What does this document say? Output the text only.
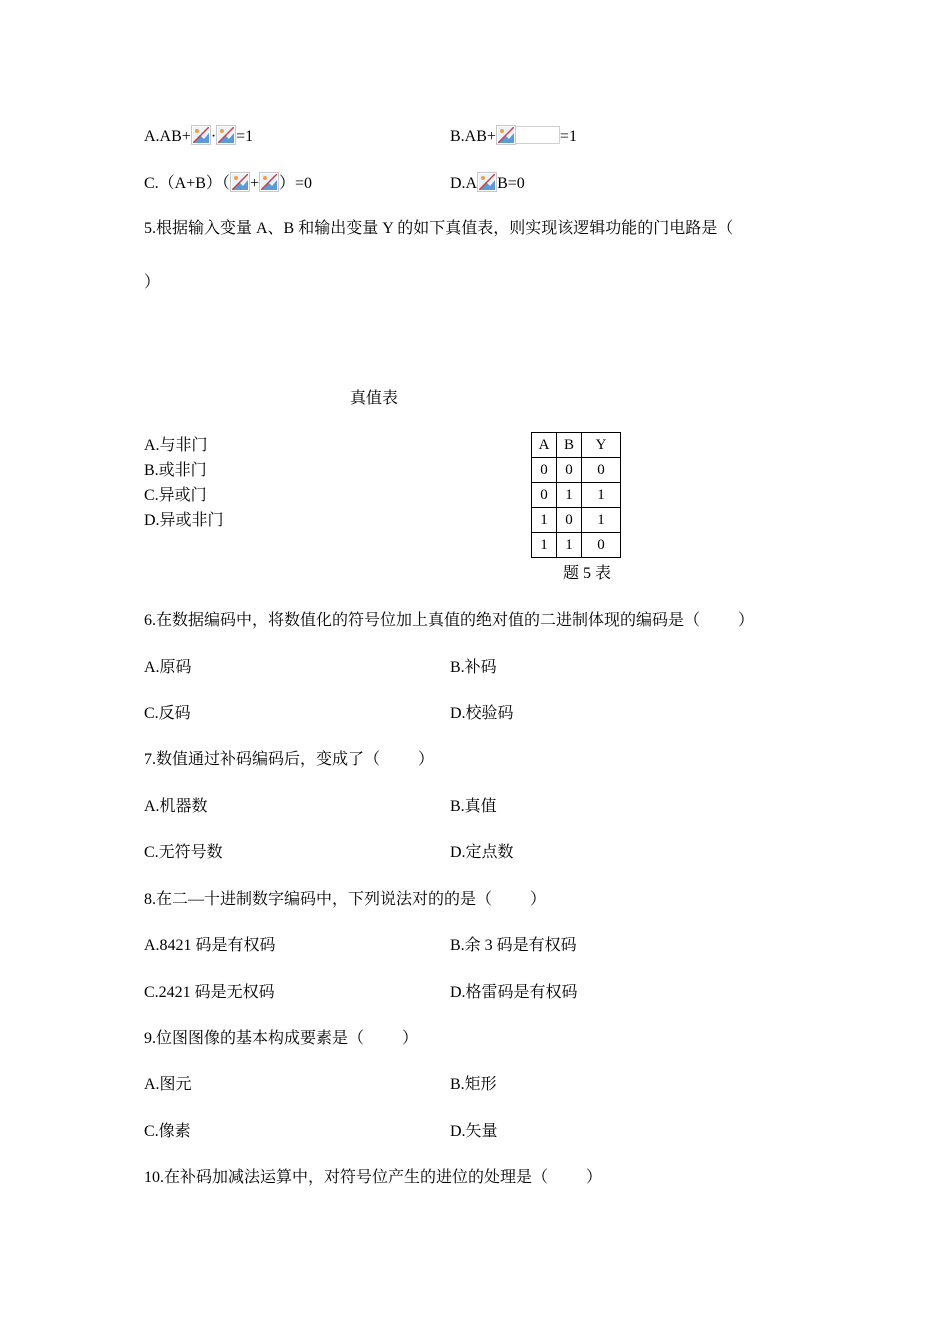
A.AB+ · =1	B.AB+	=1
C.（A+B）（ + ）=0	D.A B=0
5.根据输入变量 A、B 和输出变量 Y 的如下真值表，则实现该逻辑功能的门电路是（
）
真值表
A.与非门
B.或非门
C.异或门
D.异或非门
A	B	Y
0	0	0
0	1	1
1	0	1
1	1	0
题 5 表
6.在数据编码中，将数值化的符号位加上真值的绝对值的二进制体现的编码是（ ）
A.原码	B.补码
C.反码	D.校验码
7.数值通过补码编码后，变成了（ ）
A.机器数	B.真值
C.无符号数	D.定点数
8.在二—十进制数字编码中，下列说法对的的是（ ）
A.8421 码是有权码	B.余 3 码是有权码
C.2421 码是无权码	D.格雷码是有权码
9.位图图像的基本构成要素是（ ）
A.图元	B.矩形
C.像素	D.矢量
10.在补码加减法运算中，对符号位产生的进位的处理是（ ）
